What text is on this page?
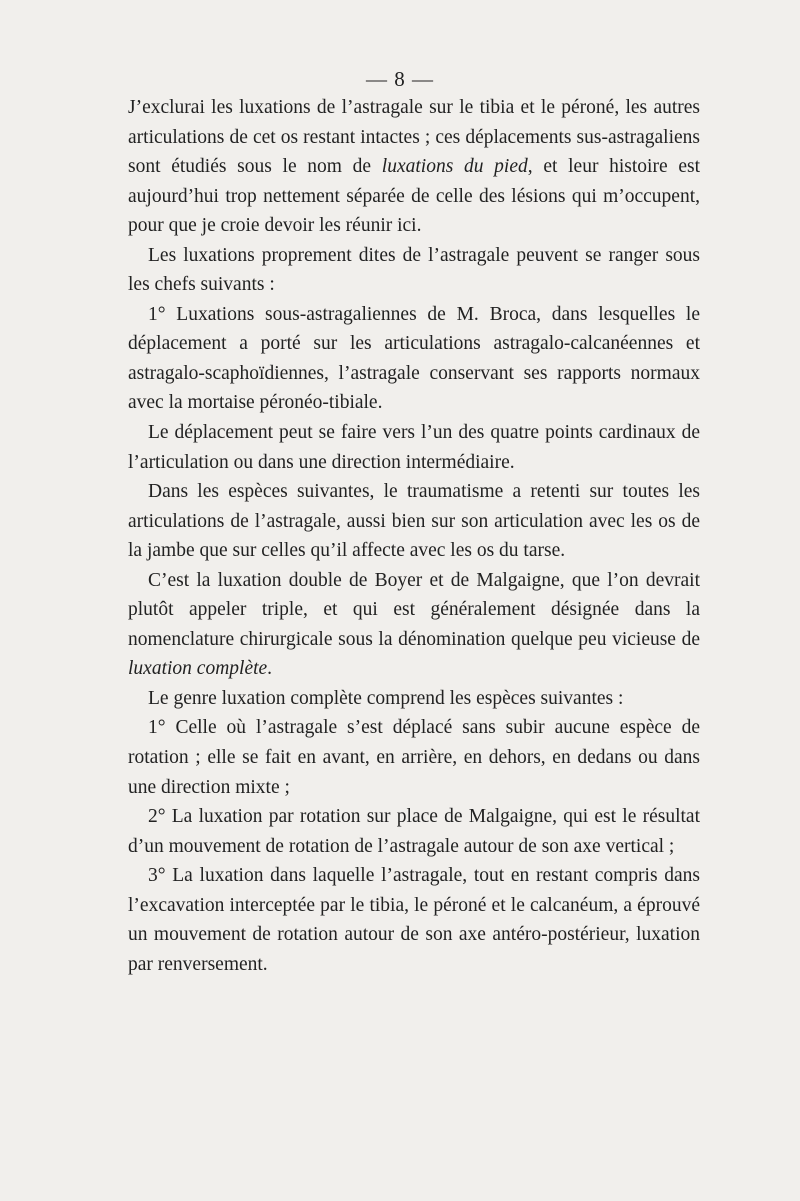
— 8 —

J’exclurai les luxations de l’astragale sur le tibia et le péroné, les autres articulations de cet os restant intactes ; ces déplacements sus-astragaliens sont étudiés sous le nom de luxations du pied, et leur histoire est aujourd’hui trop nettement séparée de celle des lésions qui m’occupent, pour que je croie devoir les réunir ici.

Les luxations proprement dites de l’astragale peuvent se ranger sous les chefs suivants :

1° Luxations sous-astragaliennes de M. Broca, dans lesquelles le déplacement a porté sur les articulations astragalo-calcanéennes et astragalo-scaphoïdiennes, l’astragale conservant ses rapports normaux avec la mortaise péronéo-tibiale.

Le déplacement peut se faire vers l’un des quatre points cardinaux de l’articulation ou dans une direction intermédiaire.

Dans les espèces suivantes, le traumatisme a retenti sur toutes les articulations de l’astragale, aussi bien sur son articulation avec les os de la jambe que sur celles qu’il affecte avec les os du tarse.

C’est la luxation double de Boyer et de Malgaigne, que l’on devrait plutôt appeler triple, et qui est généralement désignée dans la nomenclature chirurgicale sous la dénomination quelque peu vicieuse de luxation complète.

Le genre luxation complète comprend les espèces suivantes :

1° Celle où l’astragale s’est déplacé sans subir aucune espèce de rotation ; elle se fait en avant, en arrière, en dehors, en dedans ou dans une direction mixte ;

2° La luxation par rotation sur place de Malgaigne, qui est le résultat d’un mouvement de rotation de l’astragale autour de son axe vertical ;

3° La luxation dans laquelle l’astragale, tout en restant compris dans l’excavation interceptée par le tibia, le péroné et le calcanéum, a éprouvé un mouvement de rotation autour de son axe antéro-postérieur, luxation par renversement.
